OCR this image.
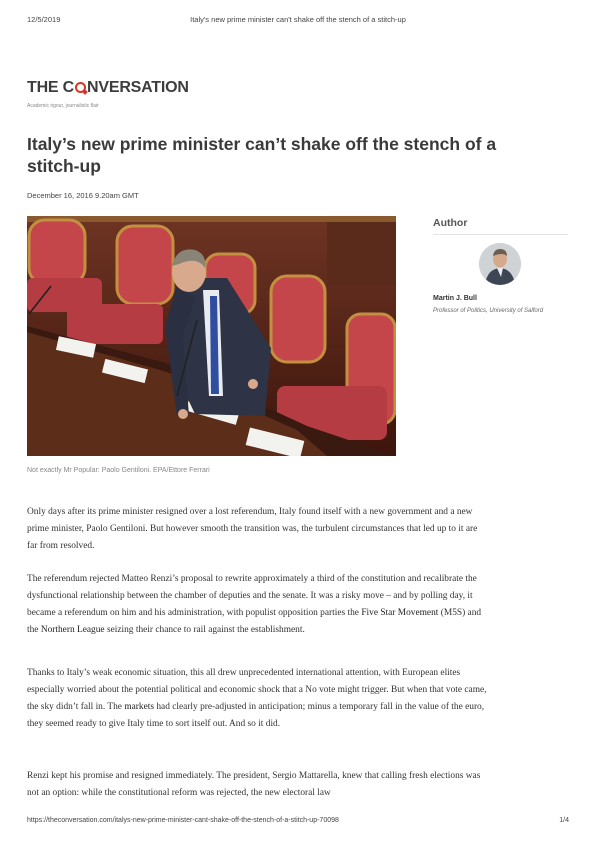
12/5/2019	Italy's new prime minister can't shake off the stench of a stitch-up
THE C NVERSATION
Academic rigour, journalistic flair
Italy’s new prime minister can’t shake off the stench of a stitch-up
December 16, 2016 9.20am GMT
Not exactly Mr Popular: Paolo Gentiloni. EPA/Ettore Ferrari
Author
Martin J. Bull
Professor of Politics, University of Salford

Only days after its prime minister resigned over a lost referendum, Italy found itself with a new government and a new prime minister, Paolo Gentiloni. But however smooth the transition was, the turbulent circumstances that led up to it are far from resolved.

The referendum rejected Matteo Renzi’s proposal to rewrite approximately a third of the constitution and recalibrate the dysfunctional relationship between the chamber of deputies and the senate. It was a risky move – and by polling day, it became a referendum on him and his administration, with populist opposition parties the Five Star Movement (M5S) and the Northern League seizing their chance to rail against the establishment.

Thanks to Italy’s weak economic situation, this all drew unprecedented international attention, with European elites especially worried about the potential political and economic shock that a No vote might trigger. But when that vote came, the sky didn’t fall in. The markets had clearly pre-adjusted in anticipation; minus a temporary fall in the value of the euro, they seemed ready to give Italy time to sort itself out. And so it did.

Renzi kept his promise and resigned immediately. The president, Sergio Mattarella, knew that calling fresh elections was not an option: while the constitutional reform was rejected, the new electoral law

https://theconversation.com/italys-new-prime-minister-cant-shake-off-the-stench-of-a-stitch-up-70098	1/4
